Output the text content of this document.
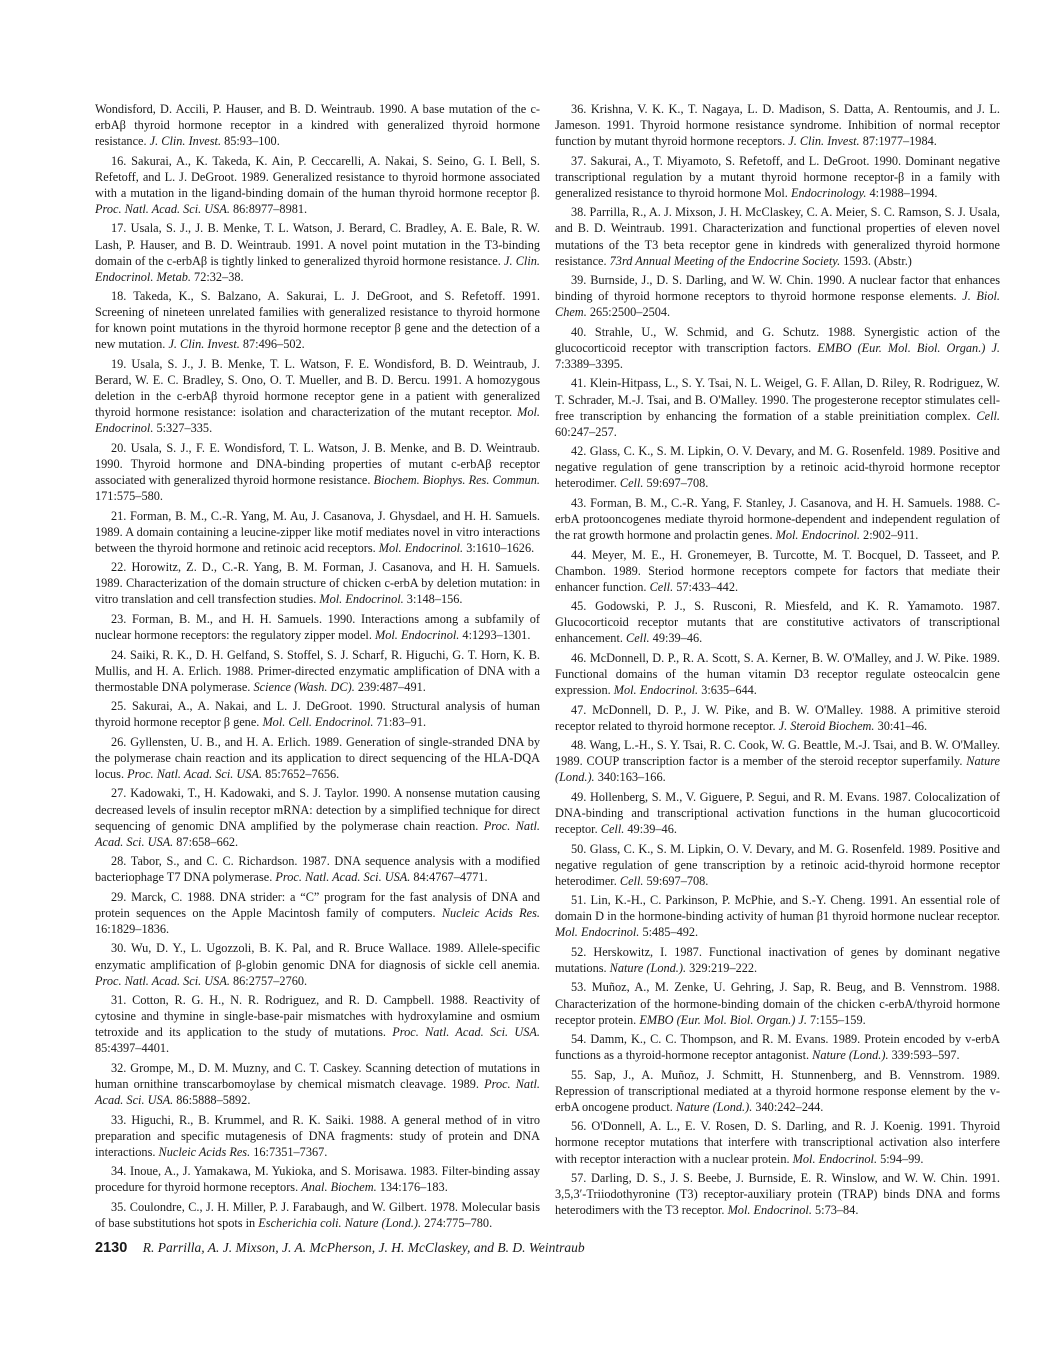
Wondisford, D. Accili, P. Hauser, and B. D. Weintraub. 1990. A base mutation of the c-erbAβ thyroid hormone receptor in a kindred with generalized thyroid hormone resistance. J. Clin. Invest. 85:93–100.

16. Sakurai, A., K. Takeda, K. Ain, P. Ceccarelli, A. Nakai, S. Seino, G. I. Bell, S. Refetoff, and L. J. DeGroot. 1989. Generalized resistance to thyroid hormone associated with a mutation in the ligand-binding domain of the human thyroid hormone receptor β. Proc. Natl. Acad. Sci. USA. 86:8977–8981.

17. Usala, S. J., J. B. Menke, T. L. Watson, J. Berard, C. Bradley, A. E. Bale, R. W. Lash, P. Hauser, and B. D. Weintraub. 1991. A novel point mutation in the T3-binding domain of the c-erbAβ is tightly linked to generalized thyroid hormone resistance. J. Clin. Endocrinol. Metab. 72:32–38.

18. Takeda, K., S. Balzano, A. Sakurai, L. J. DeGroot, and S. Refetoff. 1991. Screening of nineteen unrelated families with generalized resistance to thyroid hormone for known point mutations in the thyroid hormone receptor β gene and the detection of a new mutation. J. Clin. Invest. 87:496–502.

19. Usala, S. J., J. B. Menke, T. L. Watson, F. E. Wondisford, B. D. Weintraub, J. Berard, W. E. C. Bradley, S. Ono, O. T. Mueller, and B. D. Bercu. 1991. A homozygous deletion in the c-erbAβ thyroid hormone receptor gene in a patient with generalized thyroid hormone resistance: isolation and characterization of the mutant receptor. Mol. Endocrinol. 5:327–335.

20. Usala, S. J., F. E. Wondisford, T. L. Watson, J. B. Menke, and B. D. Weintraub. 1990. Thyroid hormone and DNA-binding properties of mutant c-erbAβ receptor associated with generalized thyroid hormone resistance. Biochem. Biophys. Res. Commun. 171:575–580.

21. Forman, B. M., C.-R. Yang, M. Au, J. Casanova, J. Ghysdael, and H. H. Samuels. 1989. A domain containing a leucine-zipper like motif mediates novel in vitro interactions between the thyroid hormone and retinoic acid receptors. Mol. Endocrinol. 3:1610–1626.

22. Horowitz, Z. D., C.-R. Yang, B. M. Forman, J. Casanova, and H. H. Samuels. 1989. Characterization of the domain structure of chicken c-erbA by deletion mutation: in vitro translation and cell transfection studies. Mol. Endocrinol. 3:148–156.

23. Forman, B. M., and H. H. Samuels. 1990. Interactions among a subfamily of nuclear hormone receptors: the regulatory zipper model. Mol. Endocrinol. 4:1293–1301.

24. Saiki, R. K., D. H. Gelfand, S. Stoffel, S. J. Scharf, R. Higuchi, G. T. Horn, K. B. Mullis, and H. A. Erlich. 1988. Primer-directed enzymatic amplification of DNA with a thermostable DNA polymerase. Science (Wash. DC). 239:487–491.

25. Sakurai, A., A. Nakai, and L. J. DeGroot. 1990. Structural analysis of human thyroid hormone receptor β gene. Mol. Cell. Endocrinol. 71:83–91.

26. Gyllensten, U. B., and H. A. Erlich. 1989. Generation of single-stranded DNA by the polymerase chain reaction and its application to direct sequencing of the HLA-DQA locus. Proc. Natl. Acad. Sci. USA. 85:7652–7656.

27. Kadowaki, T., H. Kadowaki, and S. J. Taylor. 1990. A nonsense mutation causing decreased levels of insulin receptor mRNA: detection by a simplified technique for direct sequencing of genomic DNA amplified by the polymerase chain reaction. Proc. Natl. Acad. Sci. USA. 87:658–662.

28. Tabor, S., and C. C. Richardson. 1987. DNA sequence analysis with a modified bacteriophage T7 DNA polymerase. Proc. Natl. Acad. Sci. USA. 84:4767–4771.

29. Marck, C. 1988. DNA strider: a “C” program for the fast analysis of DNA and protein sequences on the Apple Macintosh family of computers. Nucleic Acids Res. 16:1829–1836.

30. Wu, D. Y., L. Ugozzoli, B. K. Pal, and R. Bruce Wallace. 1989. Allele-specific enzymatic amplification of β-globin genomic DNA for diagnosis of sickle cell anemia. Proc. Natl. Acad. Sci. USA. 86:2757–2760.

31. Cotton, R. G. H., N. R. Rodriguez, and R. D. Campbell. 1988. Reactivity of cytosine and thymine in single-base-pair mismatches with hydroxylamine and osmium tetroxide and its application to the study of mutations. Proc. Natl. Acad. Sci. USA. 85:4397–4401.

32. Grompe, M., D. M. Muzny, and C. T. Caskey. Scanning detection of mutations in human ornithine transcarbomoylase by chemical mismatch cleavage. 1989. Proc. Natl. Acad. Sci. USA. 86:5888–5892.

33. Higuchi, R., B. Krummel, and R. K. Saiki. 1988. A general method of in vitro preparation and specific mutagenesis of DNA fragments: study of protein and DNA interactions. Nucleic Acids Res. 16:7351–7367.

34. Inoue, A., J. Yamakawa, M. Yukioka, and S. Morisawa. 1983. Filter-binding assay procedure for thyroid hormone receptors. Anal. Biochem. 134:176–183.

35. Coulondre, C., J. H. Miller, P. J. Farabaugh, and W. Gilbert. 1978. Molecular basis of base substitutions hot spots in Escherichia coli. Nature (Lond.). 274:775–780.

36. Krishna, V. K. K., T. Nagaya, L. D. Madison, S. Datta, A. Rentoumis, and J. L. Jameson. 1991. Thyroid hormone resistance syndrome. Inhibition of normal receptor function by mutant thyroid hormone receptors. J. Clin. Invest. 87:1977–1984.

37. Sakurai, A., T. Miyamoto, S. Refetoff, and L. DeGroot. 1990. Dominant negative transcriptional regulation by a mutant thyroid hormone receptor-β in a family with generalized resistance to thyroid hormone Mol. Endocrinology. 4:1988–1994.

38. Parrilla, R., A. J. Mixson, J. H. McClaskey, C. A. Meier, S. C. Ramson, S. J. Usala, and B. D. Weintraub. 1991. Characterization and functional properties of eleven novel mutations of the T3 beta receptor gene in kindreds with generalized thyroid hormone resistance. 73rd Annual Meeting of the Endocrine Society. 1593. (Abstr.)

39. Burnside, J., D. S. Darling, and W. W. Chin. 1990. A nuclear factor that enhances binding of thyroid hormone receptors to thyroid hormone response elements. J. Biol. Chem. 265:2500–2504.

40. Strahle, U., W. Schmid, and G. Schutz. 1988. Synergistic action of the glucocorticoid receptor with transcription factors. EMBO (Eur. Mol. Biol. Organ.) J. 7:3389–3395.

41. Klein-Hitpass, L., S. Y. Tsai, N. L. Weigel, G. F. Allan, D. Riley, R. Rodriguez, W. T. Schrader, M.-J. Tsai, and B. O'Malley. 1990. The progesterone receptor stimulates cell-free transcription by enhancing the formation of a stable preinitiation complex. Cell. 60:247–257.

42. Glass, C. K., S. M. Lipkin, O. V. Devary, and M. G. Rosenfeld. 1989. Positive and negative regulation of gene transcription by a retinoic acid-thyroid hormone receptor heterodimer. Cell. 59:697–708.

43. Forman, B. M., C.-R. Yang, F. Stanley, J. Casanova, and H. H. Samuels. 1988. C-erbA protooncogenes mediate thyroid hormone-dependent and independent regulation of the rat growth hormone and prolactin genes. Mol. Endocrinol. 2:902–911.

44. Meyer, M. E., H. Gronemeyer, B. Turcotte, M. T. Bocquel, D. Tasseet, and P. Chambon. 1989. Steriod hormone receptors compete for factors that mediate their enhancer function. Cell. 57:433–442.

45. Godowski, P. J., S. Rusconi, R. Miesfeld, and K. R. Yamamoto. 1987. Glucocorticoid receptor mutants that are constitutive activators of transcriptional enhancement. Cell. 49:39–46.

46. McDonnell, D. P., R. A. Scott, S. A. Kerner, B. W. O'Malley, and J. W. Pike. 1989. Functional domains of the human vitamin D3 receptor regulate osteocalcin gene expression. Mol. Endocrinol. 3:635–644.

47. McDonnell, D. P., J. W. Pike, and B. W. O'Malley. 1988. A primitive steroid receptor related to thyroid hormone receptor. J. Steroid Biochem. 30:41–46.

48. Wang, L.-H., S. Y. Tsai, R. C. Cook, W. G. Beattle, M.-J. Tsai, and B. W. O'Malley. 1989. COUP transcription factor is a member of the steroid receptor superfamily. Nature (Lond.). 340:163–166.

49. Hollenberg, S. M., V. Giguere, P. Segui, and R. M. Evans. 1987. Colocalization of DNA-binding and transcriptional activation functions in the human glucocorticoid receptor. Cell. 49:39–46.

50. Glass, C. K., S. M. Lipkin, O. V. Devary, and M. G. Rosenfeld. 1989. Positive and negative regulation of gene transcription by a retinoic acid-thyroid hormone receptor heterodimer. Cell. 59:697–708.

51. Lin, K.-H., C. Parkinson, P. McPhie, and S.-Y. Cheng. 1991. An essential role of domain D in the hormone-binding activity of human β1 thyroid hormone nuclear receptor. Mol. Endocrinol. 5:485–492.

52. Herskowitz, I. 1987. Functional inactivation of genes by dominant negative mutations. Nature (Lond.). 329:219–222.

53. Muñoz, A., M. Zenke, U. Gehring, J. Sap, R. Beug, and B. Vennstrom. 1988. Characterization of the hormone-binding domain of the chicken c-erbA/thyroid hormone receptor protein. EMBO (Eur. Mol. Biol. Organ.) J. 7:155–159.

54. Damm, K., C. C. Thompson, and R. M. Evans. 1989. Protein encoded by v-erbA functions as a thyroid-hormone receptor antagonist. Nature (Lond.). 339:593–597.

55. Sap, J., A. Muñoz, J. Schmitt, H. Stunnenberg, and B. Vennstrom. 1989. Repression of transcriptional mediated at a thyroid hormone response element by the v-erbA oncogene product. Nature (Lond.). 340:242–244.

56. O'Donnell, A. L., E. V. Rosen, D. S. Darling, and R. J. Koenig. 1991. Thyroid hormone receptor mutations that interfere with transcriptional activation also interfere with receptor interaction with a nuclear protein. Mol. Endocrinol. 5:94–99.

57. Darling, D. S., J. S. Beebe, J. Burnside, E. R. Winslow, and W. W. Chin. 1991. 3,5,3′-Triiodothyronine (T3) receptor-auxiliary protein (TRAP) binds DNA and forms heterodimers with the T3 receptor. Mol. Endocrinol. 5:73–84.

2130 R. Parrilla, A. J. Mixson, J. A. McPherson, J. H. McClaskey, and B. D. Weintraub
